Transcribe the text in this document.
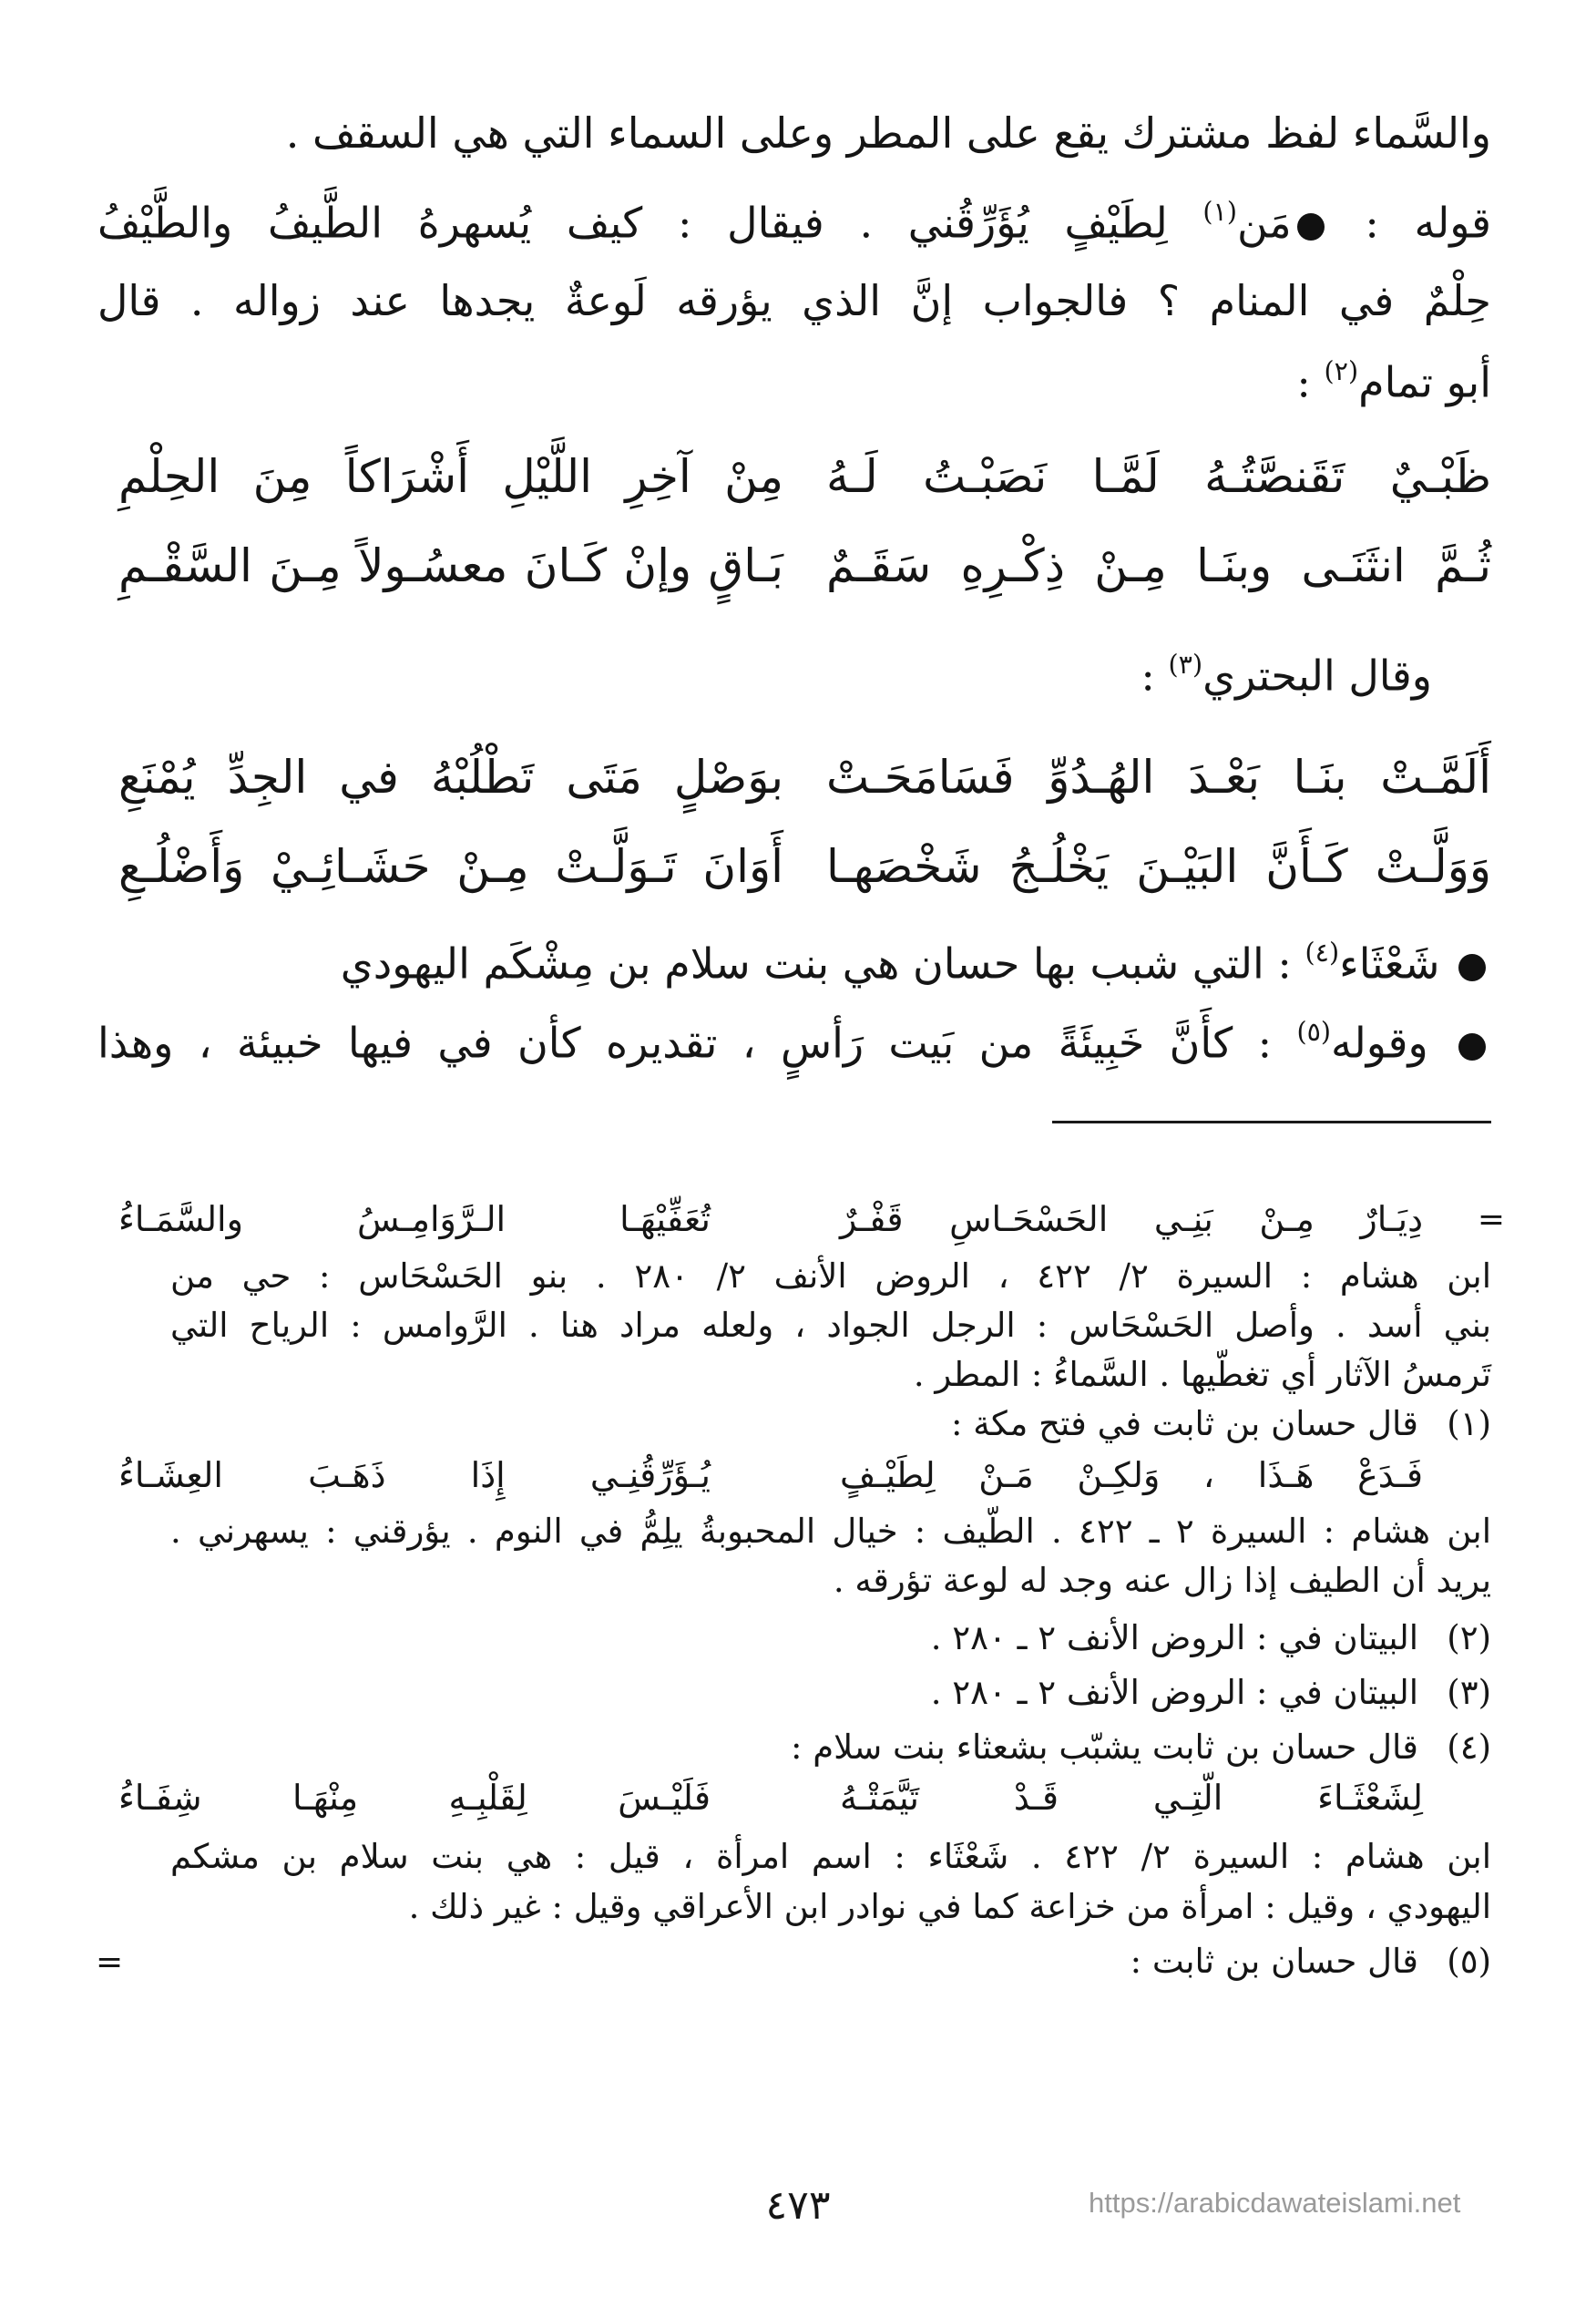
والسَّماء لفظ مشترك يقع على المطر وعلى السماء التي هي السقف .

قوله : مَن$^{(١)}$ لِطَيْفٍ يُؤَرِّقُني . فيقال : كيف يُسهرهُ الطَّيفُ والطَّيْفُ

حِلْمٌ في المنام ؟ فالجواب إنَّ الذي يؤرقه لَوعةٌ يجدها عند زواله . قال

أبو تمام$^{(٢)}$ :

ظَبْـيٌ تَقَنصَّتُـهُ لَمَّـا نَصَبْـتُ لَـهُ

مِنْ آخِرِ اللَّيْلِ أَشْرَاكاً مِنَ الحِلْمِ

ثُـمَّ انثَنَـى وبنَـا مِـنْ ذِكْـرِهِ سَقَـمٌ

بَـاقٍ وإنْ كَـانَ معسُـولاً مِـنَ السَّقْـمِ

وقال البحتري$^{(٣)}$ :

أَلَمَّـتْ بنَـا بَعْـدَ الهُـدُوِّ فَسَامَحَـتْ

بوَصْلٍ مَتَى تَطْلُبْهُ في الجِدِّ يُمْنَعِ

وَوَلَّـتْ كَـأَنَّ البَيْـنَ يَخْلُـجُ شَخْصَهـا

أَوَانَ تَـوَلَّـتْ مِـنْ حَشَـائِـيْ وَأَضْلُـعِ

شَعْثَاء$^{(٤)}$ : التي شبب بها حسان هي بنت سلام بن مِشْكَم اليهودي

وقوله$^{(٥)}$ : كأَنَّ خَبِيئَةً من بَيت رَأسٍ ، تقديره كأن في فيها خبيئة ، وهذا

=

دِيَـارٌ مِـنْ بَنِـي الحَسْحَـاسِ قَفْـرٌ

تُعَفِّيْهَـا الـرَّوَامِـسُ والسَّمَـاءُ

ابن هشام : السيرة ٢/ ٤٢٢ ، الروض الأنف ٢/ ٢٨٠ . بنو الحَسْحَاس : حي من

بني أسد . وأصل الحَسْحَاس : الرجل الجواد ، ولعله مراد هنا . الرَّوامس : الرياح التي

تَرمسُ الآثار أي تغطّيها . السَّماءُ : المطر .

(١)قال حسان بن ثابت في فتح مكة :

فَـدَعْ هَـذَا ، وَلكِـنْ مَـنْ لِطَيْـفٍ

يُـؤَرِّقُنِـي إِذَا ذَهَـبَ العِشَـاءُ

ابن هشام : السيرة ٢ ـ ٤٢٢ . الطّيف : خيال المحبوبةُ يلِمُّ في النوم . يؤرقني : يسهرني .

يريد أن الطيف إذا زال عنه وجد له لوعة تؤرقه .

(٢)البيتان في : الروض الأنف ٢ ـ ٢٨٠ .

(٣)البيتان في : الروض الأنف ٢ ـ ٢٨٠ .

(٤)قال حسان بن ثابت يشبّب بشعثاء بنت سلام :

لِشَعْثَـاءَ الّتِـي قَـدْ تَيَّمَتْـهُ

فَلَيْـسَ لِقَلْبِـهِ مِنْهَـا شِفَـاءُ

ابن هشام : السيرة ٢/ ٤٢٢ . شَعْثَاء : اسم امرأة ، قيل : هي بنت سلام بن مشكم

اليهودي ، وقيل : امرأة من خزاعة كما في نوادر ابن الأعراقي وقيل : غير ذلك .

(٥)قال حسان بن ثابت :

=
٤٧٣	https://arabicdawateislami.net
